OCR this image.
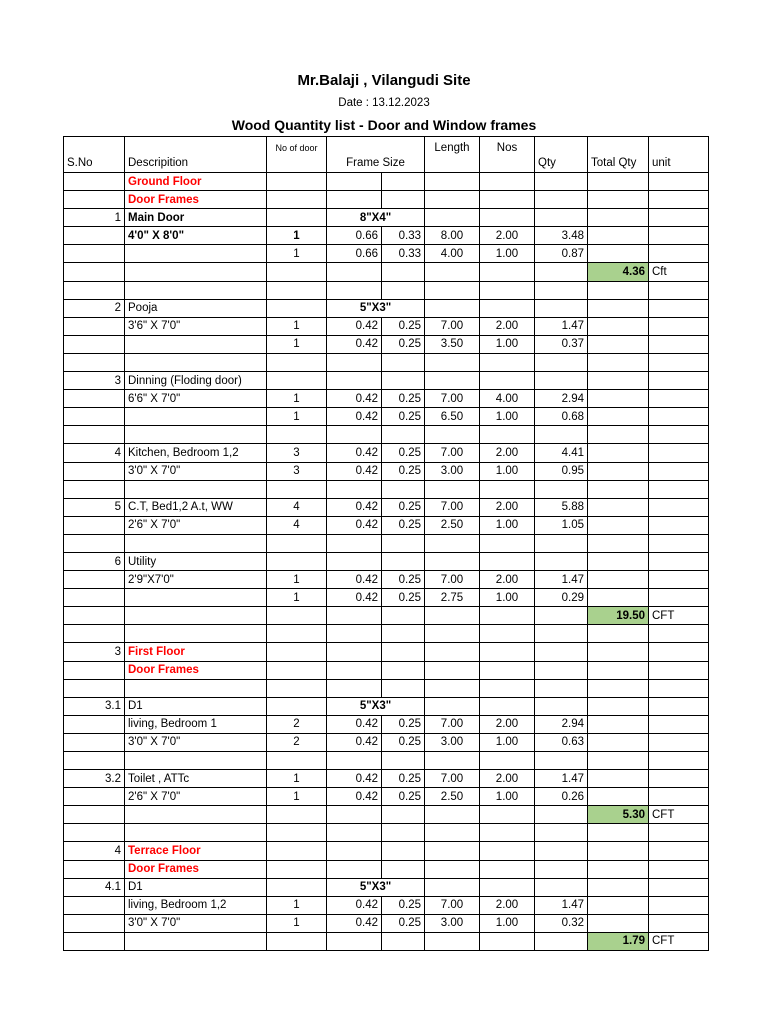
Mr.Balaji , Vilangudi Site
Date : 13.12.2023
Wood Quantity list - Door and Window frames
S.No	Descripition	No of door	Frame Size		Length	Nos	Qty	Total Qty	unit
	Ground Floor								
	Door Frames								
1	Main Door		8"X4"						
	4'0" X 8'0"	1	0.66	0.33	8.00	2.00	3.48		
		1	0.66	0.33	4.00	1.00	0.87		
								4.36	Cft

2	Pooja		5"X3"						
	3'6" X 7'0"	1	0.42	0.25	7.00	2.00	1.47		
		1	0.42	0.25	3.50	1.00	0.37		

3	Dinning (Floding door)								
	6'6" X 7'0"	1	0.42	0.25	7.00	4.00	2.94		
		1	0.42	0.25	6.50	1.00	0.68		

4	Kitchen, Bedroom 1,2	3	0.42	0.25	7.00	2.00	4.41		
	3'0" X 7'0"	3	0.42	0.25	3.00	1.00	0.95		

5	C.T, Bed1,2 A.t, WW	4	0.42	0.25	7.00	2.00	5.88		
	2'6" X 7'0"	4	0.42	0.25	2.50	1.00	1.05		

6	Utility								
	2'9"X7'0"	1	0.42	0.25	7.00	2.00	1.47		
		1	0.42	0.25	2.75	1.00	0.29		
								19.50	CFT

3	First Floor								
	Door Frames								

3.1	D1		5"X3"						
	living, Bedroom 1	2	0.42	0.25	7.00	2.00	2.94		
	3'0" X 7'0"	2	0.42	0.25	3.00	1.00	0.63		

3.2	Toilet , ATTc	1	0.42	0.25	7.00	2.00	1.47		
	2'6" X 7'0"	1	0.42	0.25	2.50	1.00	0.26		
								5.30	CFT

4	Terrace Floor								
	Door Frames								
4.1	D1		5"X3"						
	living, Bedroom 1,2	1	0.42	0.25	7.00	2.00	1.47		
	3'0" X 7'0"	1	0.42	0.25	3.00	1.00	0.32		
								1.79	CFT
